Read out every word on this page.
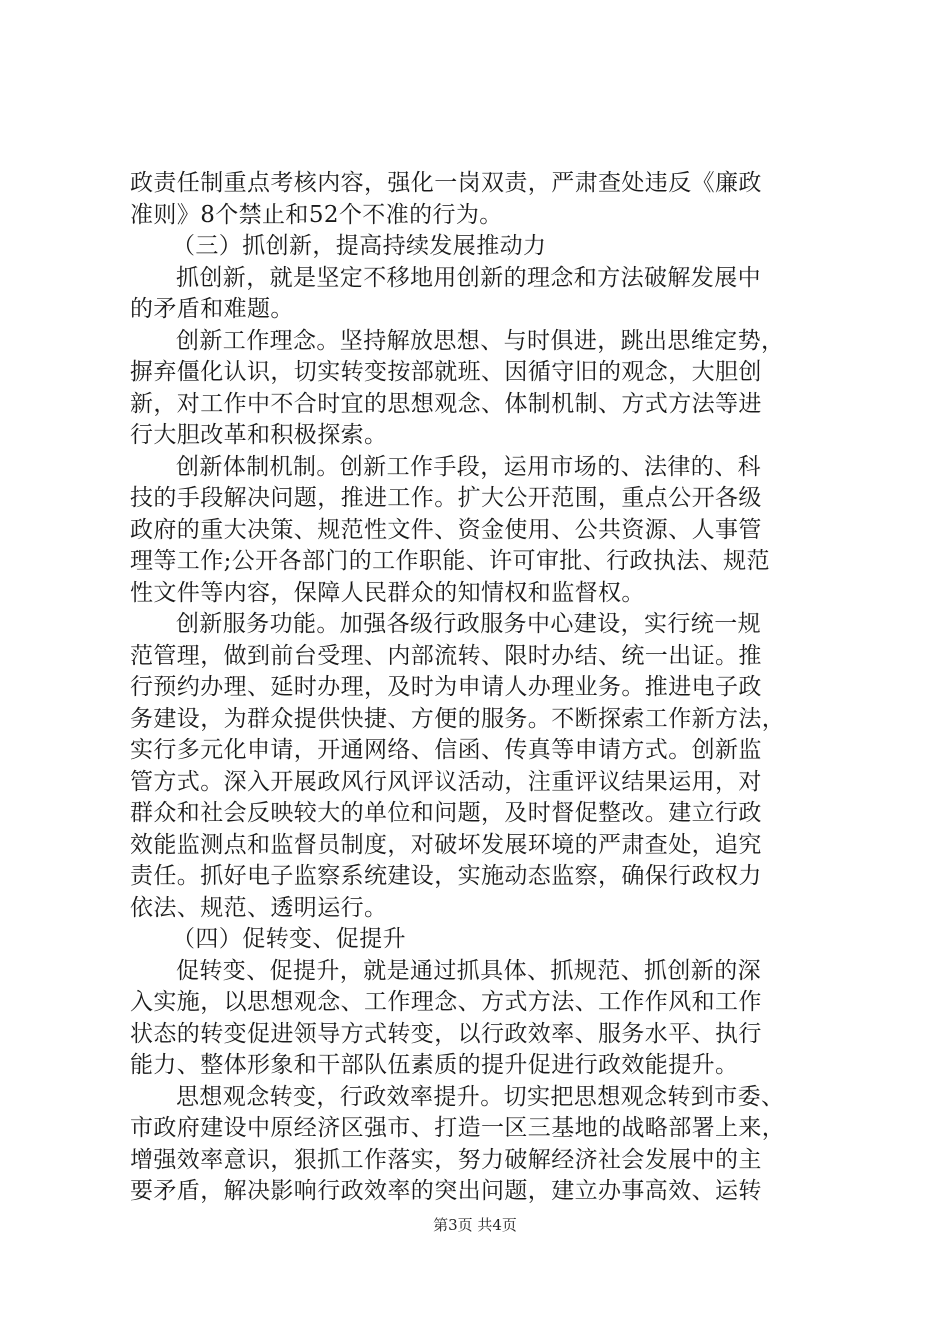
政责任制重点考核内容，强化一岗双责，严肃查处违反《廉政
准则》8个禁止和52个不准的行为。
（三）抓创新，提高持续发展推动力
抓创新，就是坚定不移地用创新的理念和方法破解发展中
的矛盾和难题。
创新工作理念。坚持解放思想、与时俱进，跳出思维定势，
摒弃僵化认识，切实转变按部就班、因循守旧的观念，大胆创
新，对工作中不合时宜的思想观念、体制机制、方式方法等进
行大胆改革和积极探索。
创新体制机制。创新工作手段，运用市场的、法律的、科
技的手段解决问题，推进工作。扩大公开范围，重点公开各级
政府的重大决策、规范性文件、资金使用、公共资源、人事管
理等工作;公开各部门的工作职能、许可审批、行政执法、规范
性文件等内容，保障人民群众的知情权和监督权。
创新服务功能。加强各级行政服务中心建设，实行统一规
范管理，做到前台受理、内部流转、限时办结、统一出证。推
行预约办理、延时办理，及时为申请人办理业务。推进电子政
务建设，为群众提供快捷、方便的服务。不断探索工作新方法，
实行多元化申请，开通网络、信函、传真等申请方式。创新监
管方式。深入开展政风行风评议活动，注重评议结果运用，对
群众和社会反映较大的单位和问题，及时督促整改。建立行政
效能监测点和监督员制度，对破坏发展环境的严肃查处，追究
责任。抓好电子监察系统建设，实施动态监察，确保行政权力
依法、规范、透明运行。
（四）促转变、促提升
促转变、促提升，就是通过抓具体、抓规范、抓创新的深
入实施，以思想观念、工作理念、方式方法、工作作风和工作
状态的转变促进领导方式转变，以行政效率、服务水平、执行
能力、整体形象和干部队伍素质的提升促进行政效能提升。
思想观念转变，行政效率提升。切实把思想观念转到市委、
市政府建设中原经济区强市、打造一区三基地的战略部署上来，
增强效率意识，狠抓工作落实，努力破解经济社会发展中的主
要矛盾，解决影响行政效率的突出问题，建立办事高效、运转
第3页 共4页
